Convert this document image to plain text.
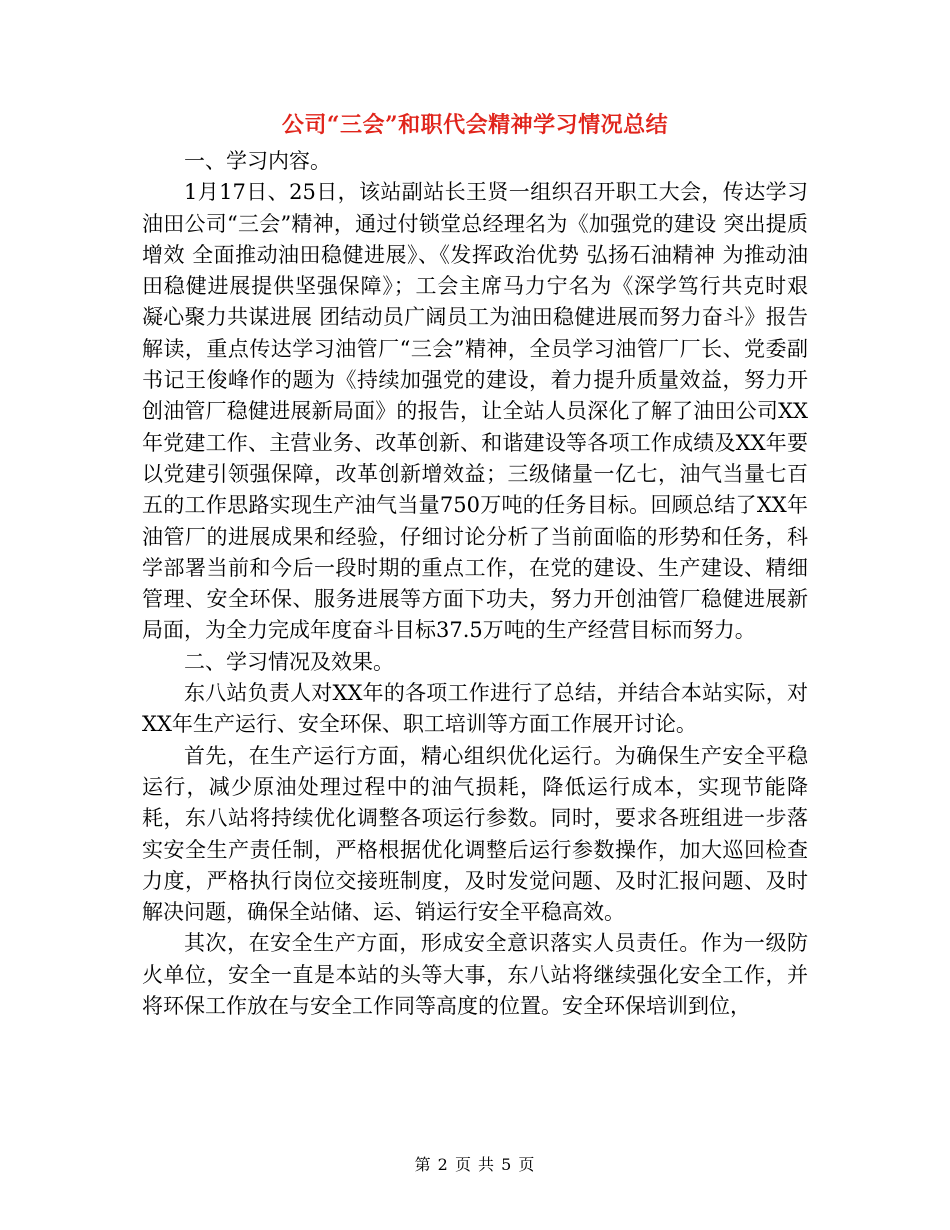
公司“三会”和职代会精神学习情况总结

一、学习内容。

1月17日、25日，该站副站长王贤一组织召开职工大会，传达学习油田公司“三会”精神，通过付锁堂总经理名为《加强党的建设 突出提质增效 全面推动油田稳健进展》、《发挥政治优势 弘扬石油精神 为推动油田稳健进展提供坚强保障》；工会主席马力宁名为《深学笃行共克时艰 凝心聚力共谋进展 团结动员广阔员工为油田稳健进展而努力奋斗》报告解读，重点传达学习油管厂“三会”精神，全员学习油管厂厂长、党委副书记王俊峰作的题为《持续加强党的建设，着力提升质量效益，努力开创油管厂稳健进展新局面》的报告，让全站人员深化了解了油田公司XX年党建工作、主营业务、改革创新、和谐建设等各项工作成绩及XX年要以党建引领强保障，改革创新增效益；三级储量一亿七，油气当量七百五的工作思路实现生产油气当量750万吨的任务目标。回顾总结了XX年油管厂的进展成果和经验，仔细讨论分析了当前面临的形势和任务，科学部署当前和今后一段时期的重点工作，在党的建设、生产建设、精细管理、安全环保、服务进展等方面下功夫，努力开创油管厂稳健进展新局面，为全力完成年度奋斗目标37.5万吨的生产经营目标而努力。

二、学习情况及效果。

东八站负责人对XX年的各项工作进行了总结，并结合本站实际，对XX年生产运行、安全环保、职工培训等方面工作展开讨论。

首先，在生产运行方面，精心组织优化运行。为确保生产安全平稳运行，减少原油处理过程中的油气损耗，降低运行成本，实现节能降耗，东八站将持续优化调整各项运行参数。同时，要求各班组进一步落实安全生产责任制，严格根据优化调整后运行参数操作，加大巡回检查力度，严格执行岗位交接班制度，及时发觉问题、及时汇报问题、及时解决问题，确保全站储、运、销运行安全平稳高效。

其次，在安全生产方面，形成安全意识落实人员责任。作为一级防火单位，安全一直是本站的头等大事，东八站将继续强化安全工作，并将环保工作放在与安全工作同等高度的位置。安全环保培训到位，

第 2 页 共 5 页
